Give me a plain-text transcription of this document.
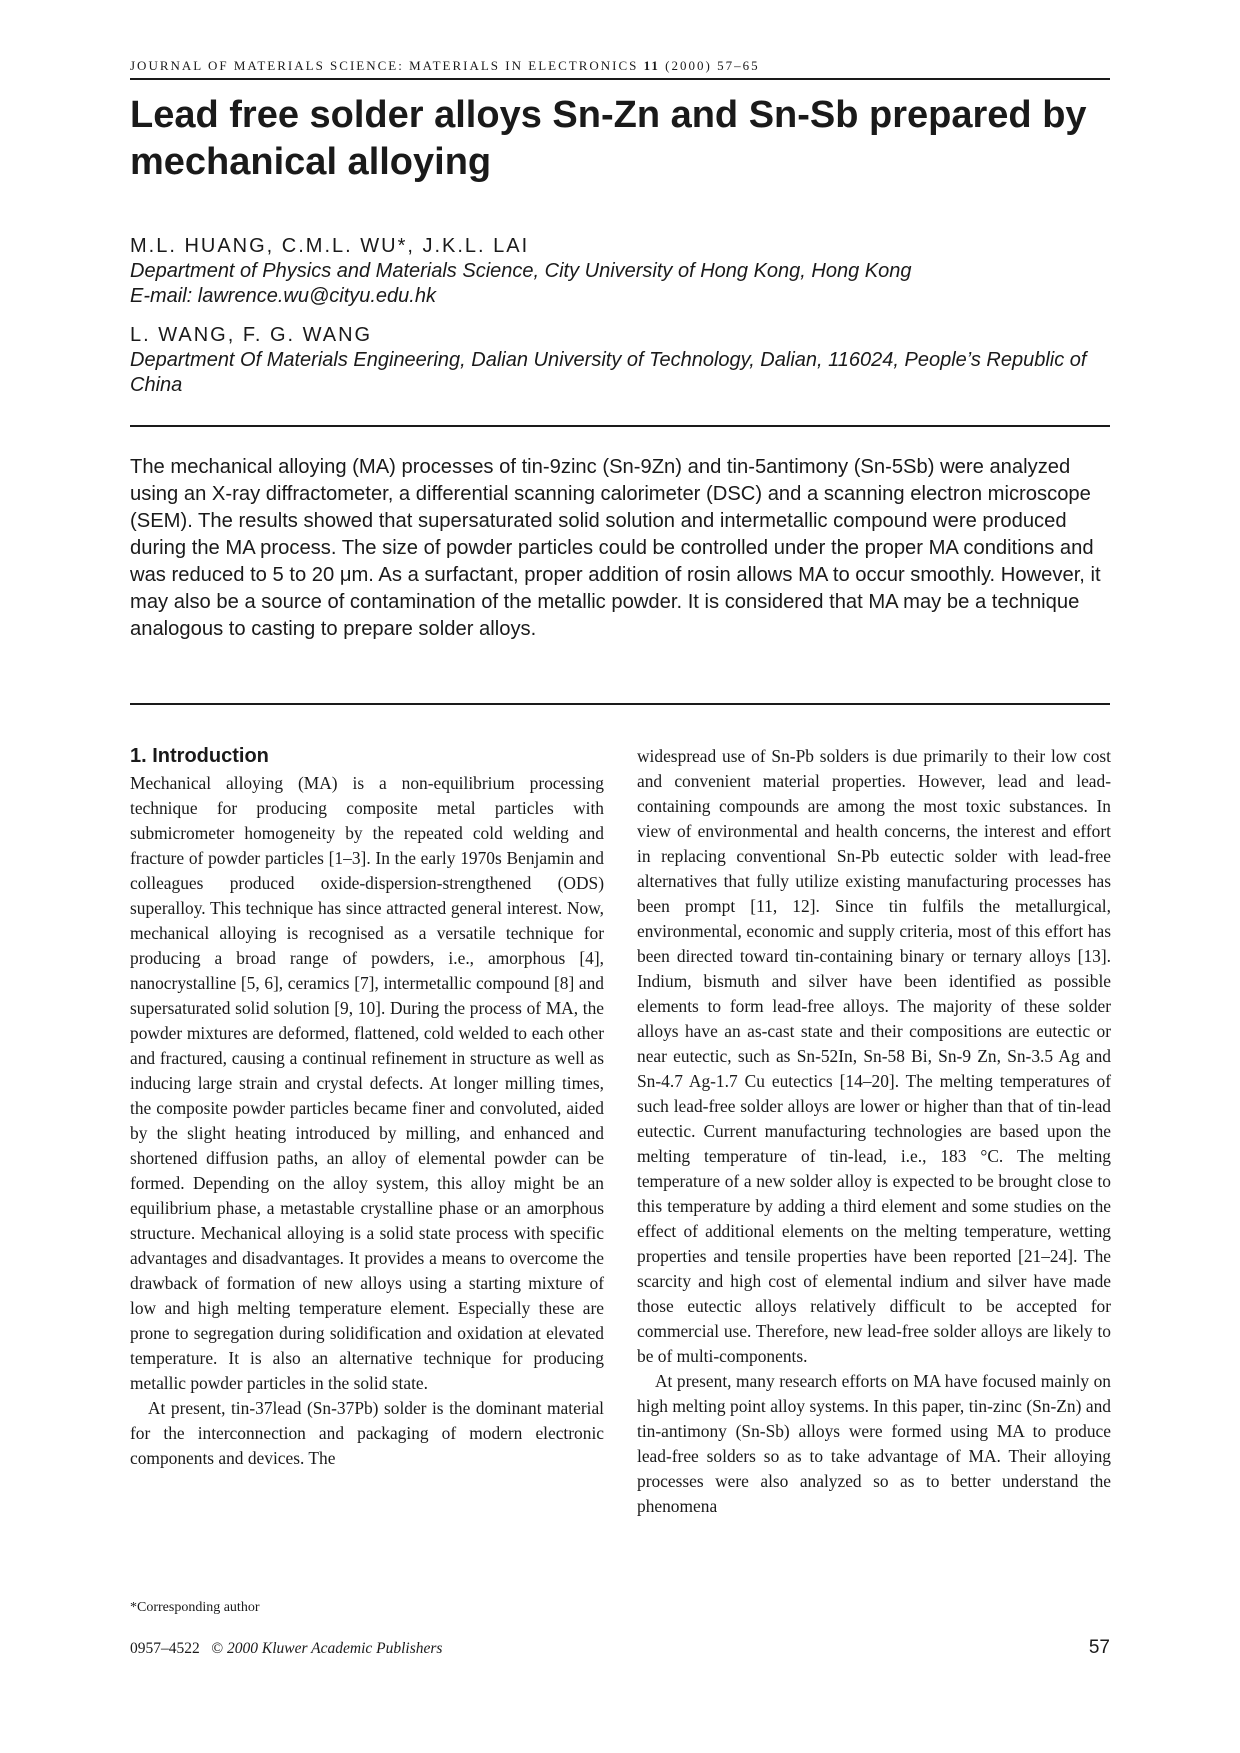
JOURNAL OF MATERIALS SCIENCE: MATERIALS IN ELECTRONICS 11 (2000) 57–65
Lead free solder alloys Sn-Zn and Sn-Sb prepared by mechanical alloying
M.L. HUANG, C.M.L. WU*, J.K.L. LAI
Department of Physics and Materials Science, City University of Hong Kong, Hong Kong
E-mail: lawrence.wu@cityu.edu.hk
L. WANG, F. G. WANG
Department Of Materials Engineering, Dalian University of Technology, Dalian, 116024, People’s Republic of China

The mechanical alloying (MA) processes of tin-9zinc (Sn-9Zn) and tin-5antimony (Sn-5Sb) were analyzed using an X-ray diffractometer, a differential scanning calorimeter (DSC) and a scanning electron microscope (SEM). The results showed that supersaturated solid solution and intermetallic compound were produced during the MA process. The size of powder particles could be controlled under the proper MA conditions and was reduced to 5 to 20 μm. As a surfactant, proper addition of rosin allows MA to occur smoothly. However, it may also be a source of contamination of the metallic powder. It is considered that MA may be a technique analogous to casting to prepare solder alloys.

1. Introduction

Mechanical alloying (MA) is a non-equilibrium processing technique for producing composite metal particles with submicrometer homogeneity by the repeated cold welding and fracture of powder particles [1–3]. In the early 1970s Benjamin and colleagues produced oxide-dispersion-strengthened (ODS) superalloy. This technique has since attracted general interest. Now, mechanical alloying is recognised as a versatile technique for producing a broad range of powders, i.e., amorphous [4], nanocrystalline [5, 6], ceramics [7], intermetallic compound [8] and supersaturated solid solution [9, 10]. During the process of MA, the powder mixtures are deformed, flattened, cold welded to each other and fractured, causing a continual refinement in structure as well as inducing large strain and crystal defects. At longer milling times, the composite powder particles became finer and convoluted, aided by the slight heating introduced by milling, and enhanced and shortened diffusion paths, an alloy of elemental powder can be formed. Depending on the alloy system, this alloy might be an equilibrium phase, a metastable crystalline phase or an amorphous structure. Mechanical alloying is a solid state process with specific advantages and disadvantages. It provides a means to overcome the drawback of formation of new alloys using a starting mixture of low and high melting temperature element. Especially these are prone to segregation during solidification and oxidation at elevated temperature. It is also an alternative technique for producing metallic powder particles in the solid state.

At present, tin-37lead (Sn-37Pb) solder is the dominant material for the interconnection and packaging of modern electronic components and devices. The

widespread use of Sn-Pb solders is due primarily to their low cost and convenient material properties. However, lead and lead-containing compounds are among the most toxic substances. In view of environmental and health concerns, the interest and effort in replacing conventional Sn-Pb eutectic solder with lead-free alternatives that fully utilize existing manufacturing processes has been prompt [11, 12]. Since tin fulfils the metallurgical, environmental, economic and supply criteria, most of this effort has been directed toward tin-containing binary or ternary alloys [13]. Indium, bismuth and silver have been identified as possible elements to form lead-free alloys. The majority of these solder alloys have an as-cast state and their compositions are eutectic or near eutectic, such as Sn-52In, Sn-58 Bi, Sn-9 Zn, Sn-3.5 Ag and Sn-4.7 Ag-1.7 Cu eutectics [14–20]. The melting temperatures of such lead-free solder alloys are lower or higher than that of tin-lead eutectic. Current manufacturing technologies are based upon the melting temperature of tin-lead, i.e., 183 °C. The melting temperature of a new solder alloy is expected to be brought close to this temperature by adding a third element and some studies on the effect of additional elements on the melting temperature, wetting properties and tensile properties have been reported [21–24]. The scarcity and high cost of elemental indium and silver have made those eutectic alloys relatively difficult to be accepted for commercial use. Therefore, new lead-free solder alloys are likely to be of multi-components.

At present, many research efforts on MA have focused mainly on high melting point alloy systems. In this paper, tin-zinc (Sn-Zn) and tin-antimony (Sn-Sb) alloys were formed using MA to produce lead-free solders so as to take advantage of MA. Their alloying processes were also analyzed so as to better understand the phenomena

*Corresponding author
0957–4522 © 2000 Kluwer Academic Publishers	57
